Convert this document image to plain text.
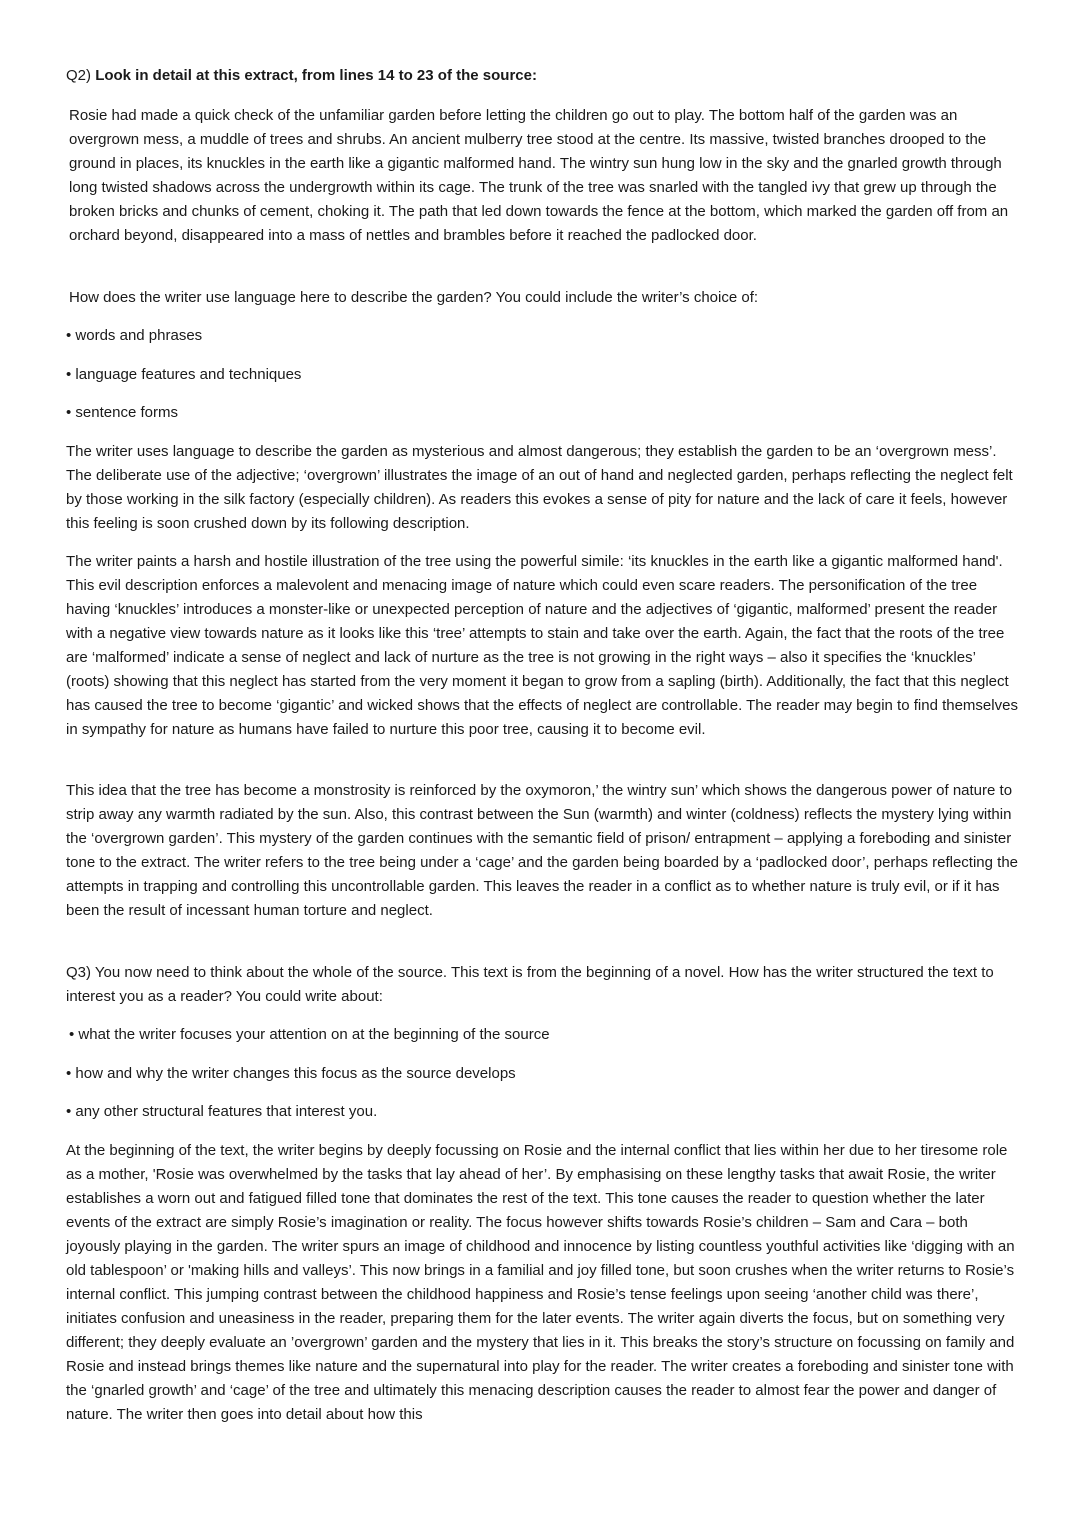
Q2) Look in detail at this extract, from lines 14 to 23 of the source:

Rosie had made a quick check of the unfamiliar garden before letting the children go out to play. The bottom half of the garden was an overgrown mess, a muddle of trees and shrubs. An ancient mulberry tree stood at the centre. Its massive, twisted branches drooped to the ground in places, its knuckles in the earth like a gigantic malformed hand. The wintry sun hung low in the sky and the gnarled growth through long twisted shadows across the undergrowth within its cage. The trunk of the tree was snarled with the tangled ivy that grew up through the broken bricks and chunks of cement, choking it. The path that led down towards the fence at the bottom, which marked the garden off from an orchard beyond, disappeared into a mass of nettles and brambles before it reached the padlocked door.

How does the writer use language here to describe the garden? You could include the writer’s choice of:

• words and phrases

• language features and techniques

• sentence forms

The writer uses language to describe the garden as mysterious and almost dangerous; they establish the garden to be an ‘overgrown mess’. The deliberate use of the adjective; ‘overgrown’ illustrates the image of an out of hand and neglected garden, perhaps reflecting the neglect felt by those working in the silk factory (especially children). As readers this evokes a sense of pity for nature and the lack of care it feels, however this feeling is soon crushed down by its following description.

The writer paints a harsh and hostile illustration of the tree using the powerful simile: ‘its knuckles in the earth like a gigantic malformed hand'. This evil description enforces a malevolent and menacing image of nature which could even scare readers. The personification of the tree having ‘knuckles’ introduces a monster-like or unexpected perception of nature and the adjectives of ‘gigantic, malformed’ present the reader with a negative view towards nature as it looks like this ‘tree’ attempts to stain and take over the earth. Again, the fact that the roots of the tree are ‘malformed’ indicate a sense of neglect and lack of nurture as the tree is not growing in the right ways – also it specifies the ‘knuckles’ (roots) showing that this neglect has started from the very moment it began to grow from a sapling (birth). Additionally, the fact that this neglect has caused the tree to become ‘gigantic’ and wicked shows that the effects of neglect are controllable. The reader may begin to find themselves in sympathy for nature as humans have failed to nurture this poor tree, causing it to become evil.

This idea that the tree has become a monstrosity is reinforced by the oxymoron,’ the wintry sun’ which shows the dangerous power of nature to strip away any warmth radiated by the sun. Also, this contrast between the Sun (warmth) and winter (coldness) reflects the mystery lying within the ‘overgrown garden’. This mystery of the garden continues with the semantic field of prison/ entrapment – applying a foreboding and sinister tone to the extract. The writer refers to the tree being under a ‘cage’ and the garden being boarded by a ‘padlocked door’, perhaps reflecting the attempts in trapping and controlling this uncontrollable garden. This leaves the reader in a conflict as to whether nature is truly evil, or if it has been the result of incessant human torture and neglect.

Q3) You now need to think about the whole of the source. This text is from the beginning of a novel. How has the writer structured the text to interest you as a reader? You could write about:

• what the writer focuses your attention on at the beginning of the source

• how and why the writer changes this focus as the source develops

• any other structural features that interest you.

At the beginning of the text, the writer begins by deeply focussing on Rosie and the internal conflict that lies within her due to her tiresome role as a mother, 'Rosie was overwhelmed by the tasks that lay ahead of her’. By emphasising on these lengthy tasks that await Rosie, the writer establishes a worn out and fatigued filled tone that dominates the rest of the text. This tone causes the reader to question whether the later events of the extract are simply Rosie’s imagination or reality. The focus however shifts towards Rosie’s children – Sam and Cara – both joyously playing in the garden. The writer spurs an image of childhood and innocence by listing countless youthful activities like ‘digging with an old tablespoon’ or 'making hills and valleys’. This now brings in a familial and joy filled tone, but soon crushes when the writer returns to Rosie’s internal conflict. This jumping contrast between the childhood happiness and Rosie’s tense feelings upon seeing ‘another child was there’, initiates confusion and uneasiness in the reader, preparing them for the later events. The writer again diverts the focus, but on something very different; they deeply evaluate an ’overgrown’ garden and the mystery that lies in it. This breaks the story’s structure on focussing on family and Rosie and instead brings themes like nature and the supernatural into play for the reader. The writer creates a foreboding and sinister tone with the ‘gnarled growth’ and ‘cage’ of the tree and ultimately this menacing description causes the reader to almost fear the power and danger of nature. The writer then goes into detail about how this
